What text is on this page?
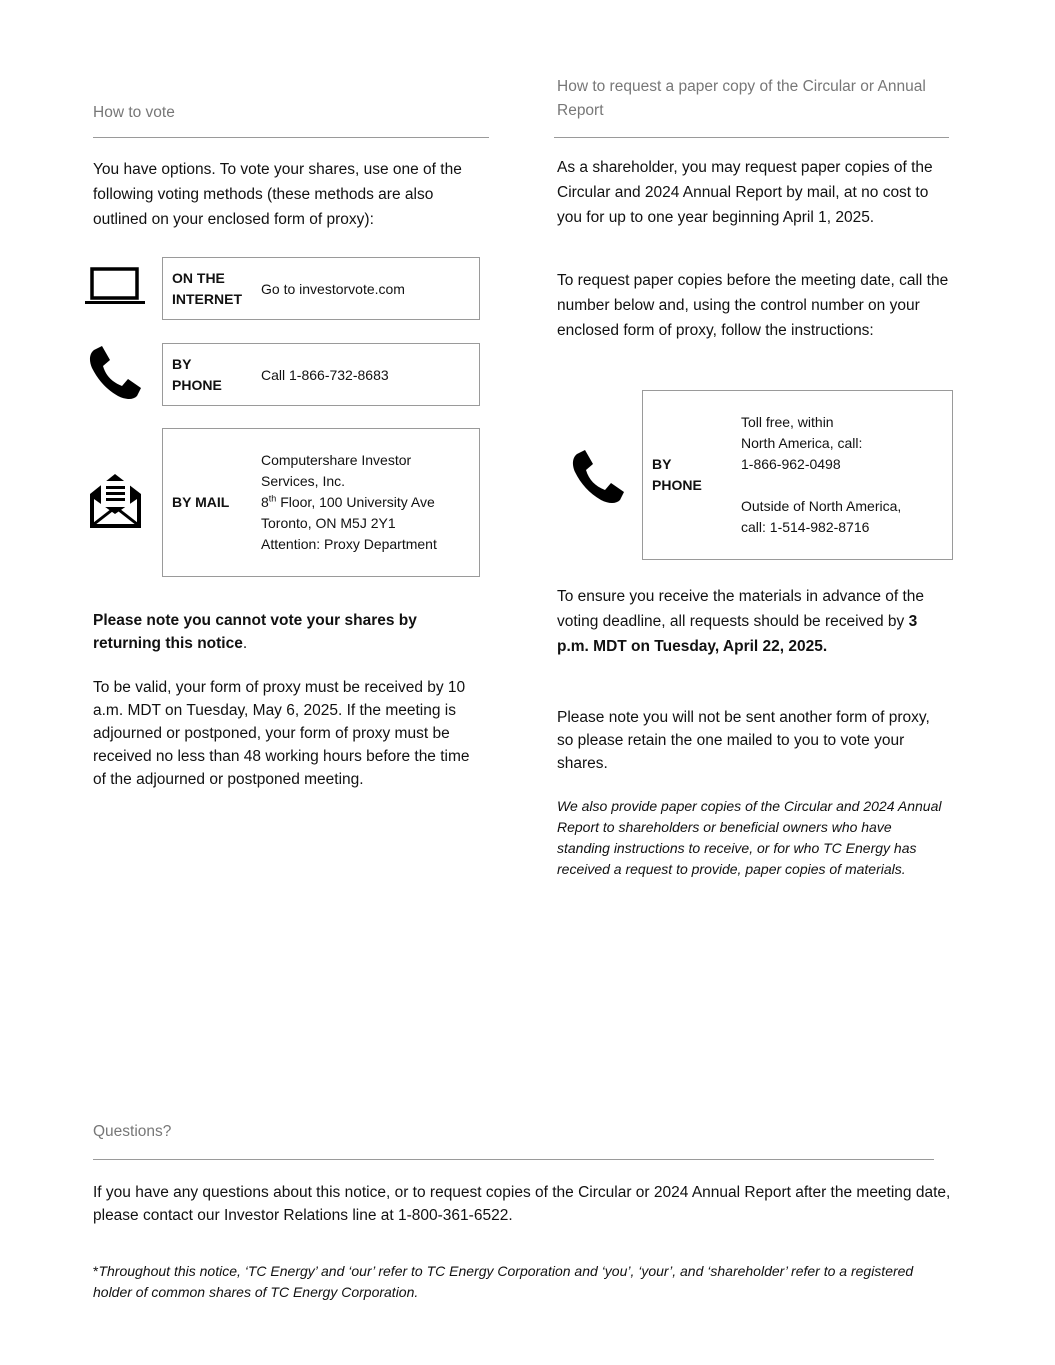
How to vote
You have options. To vote your shares, use one of the following voting methods (these methods are also outlined on your enclosed form of proxy):
ON THE INTERNET
Go to investorvote.com
BY PHONE
Call 1-866-732-8683
BY MAIL
Computershare Investor
Services, Inc.
8th Floor, 100 University Ave
Toronto, ON M5J 2Y1
Attention: Proxy Department
Please note you cannot vote your shares by returning this notice.
To be valid, your form of proxy must be received by 10 a.m. MDT on Tuesday, May 6, 2025. If the meeting is adjourned or postponed, your form of proxy must be received no less than 48 working hours before the time of the adjourned or postponed meeting.
How to request a paper copy of the Circular or Annual Report
As a shareholder, you may request paper copies of the Circular and 2024 Annual Report by mail, at no cost to you for up to one year beginning April 1, 2025.
To request paper copies before the meeting date, call the number below and, using the control number on your enclosed form of proxy, follow the instructions:
BY PHONE
Toll free, within
North America, call:
1-866-962-0498
Outside of North America,
call: 1-514-982-8716
To ensure you receive the materials in advance of the voting deadline, all requests should be received by 3 p.m. MDT on Tuesday, April 22, 2025.
Please note you will not be sent another form of proxy, so please retain the one mailed to you to vote your shares.
We also provide paper copies of the Circular and 2024 Annual Report to shareholders or beneficial owners who have standing instructions to receive, or for who TC Energy has received a request to provide, paper copies of materials.
Questions?
If you have any questions about this notice, or to request copies of the Circular or 2024 Annual Report after the meeting date, please contact our Investor Relations line at 1-800-361-6522.
*Throughout this notice, ‘TC Energy’ and ‘our’ refer to TC Energy Corporation and ‘you’, ‘your’, and ‘shareholder’ refer to a registered holder of common shares of TC Energy Corporation.
